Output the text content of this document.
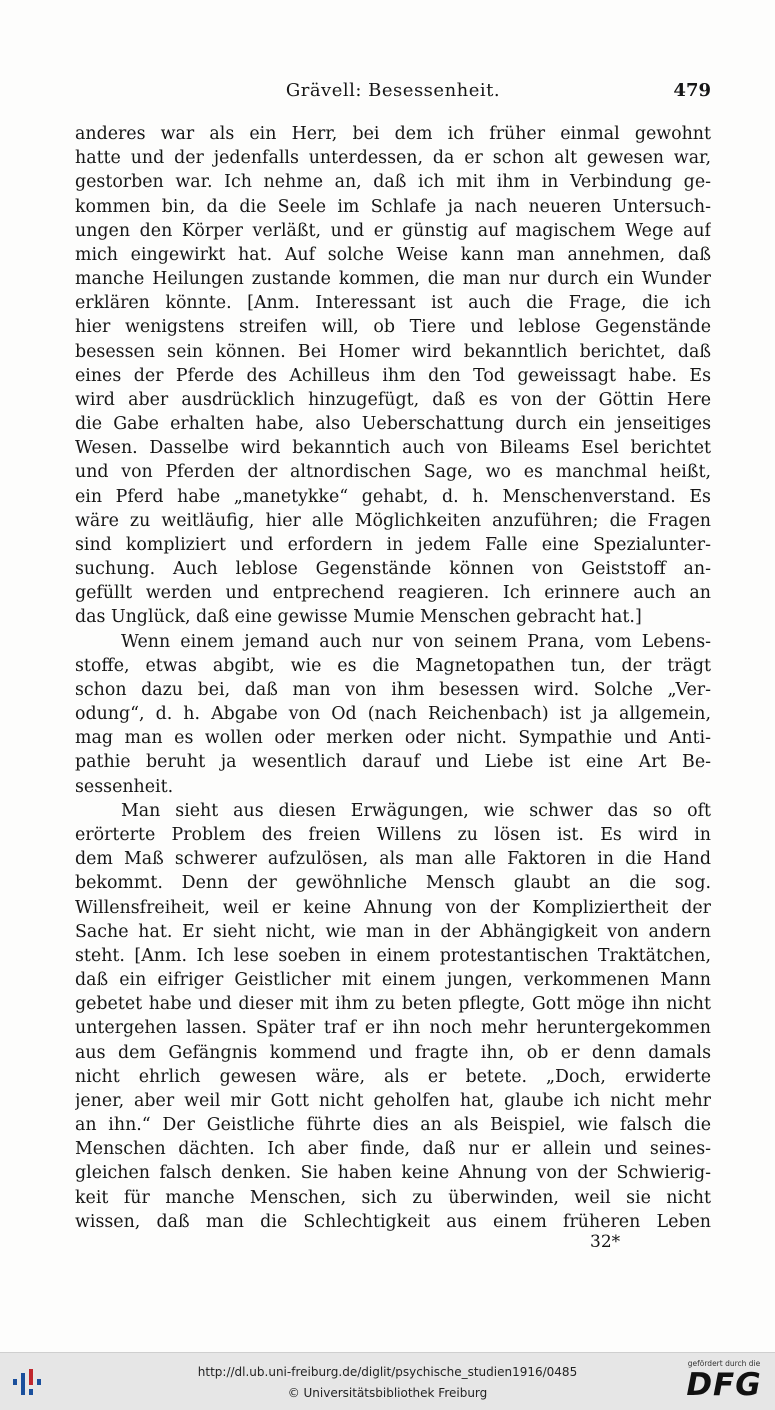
Grävell: Besessenheit.	479
anderes war als ein Herr, bei dem ich früher einmal gewohnt
hatte und der jedenfalls unterdessen, da er schon alt gewesen war,
gestorben war. Ich nehme an, daß ich mit ihm in Verbindung ge-
kommen bin, da die Seele im Schlafe ja nach neueren Untersuch-
ungen den Körper verläßt, und er günstig auf magischem Wege auf
mich eingewirkt hat. Auf solche Weise kann man annehmen, daß
manche Heilungen zustande kommen, die man nur durch ein Wunder
erklären könnte. [Anm. Interessant ist auch die Frage, die ich
hier wenigstens streifen will, ob Tiere und leblose Gegenstände
besessen sein können. Bei Homer wird bekanntlich berichtet, daß
eines der Pferde des Achilleus ihm den Tod geweissagt habe. Es
wird aber ausdrücklich hinzugefügt, daß es von der Göttin Here
die Gabe erhalten habe, also Ueberschattung durch ein jenseitiges
Wesen. Dasselbe wird bekanntich auch von Bileams Esel berichtet
und von Pferden der altnordischen Sage, wo es manchmal heißt,
ein Pferd habe „manetykke“ gehabt, d. h. Menschenverstand. Es
wäre zu weitläufig, hier alle Möglichkeiten anzuführen; die Fragen
sind kompliziert und erfordern in jedem Falle eine Spezialunter-
suchung. Auch leblose Gegenstände können von Geiststoff an-
gefüllt werden und entprechend reagieren. Ich erinnere auch an
das Unglück, daß eine gewisse Mumie Menschen gebracht hat.]
Wenn einem jemand auch nur von seinem Prana, vom Lebens-
stoffe, etwas abgibt, wie es die Magnetopathen tun, der trägt
schon dazu bei, daß man von ihm besessen wird. Solche „Ver-
odung“, d. h. Abgabe von Od (nach Reichenbach) ist ja allgemein,
mag man es wollen oder merken oder nicht. Sympathie und Anti-
pathie beruht ja wesentlich darauf und Liebe ist eine Art Be-
sessenheit.
Man sieht aus diesen Erwägungen, wie schwer das so oft
erörterte Problem des freien Willens zu lösen ist. Es wird in
dem Maß schwerer aufzulösen, als man alle Faktoren in die Hand
bekommt. Denn der gewöhnliche Mensch glaubt an die sog.
Willensfreiheit, weil er keine Ahnung von der Kompliziertheit der
Sache hat. Er sieht nicht, wie man in der Abhängigkeit von andern
steht. [Anm. Ich lese soeben in einem protestantischen Traktätchen,
daß ein eifriger Geistlicher mit einem jungen, verkommenen Mann
gebetet habe und dieser mit ihm zu beten pflegte, Gott möge ihn nicht
untergehen lassen. Später traf er ihn noch mehr heruntergekommen
aus dem Gefängnis kommend und fragte ihn, ob er denn damals
nicht ehrlich gewesen wäre, als er betete. „Doch, erwiderte
jener, aber weil mir Gott nicht geholfen hat, glaube ich nicht mehr
an ihn.“ Der Geistliche führte dies an als Beispiel, wie falsch die
Menschen dächten. Ich aber finde, daß nur er allein und seines-
gleichen falsch denken. Sie haben keine Ahnung von der Schwierig-
keit für manche Menschen, sich zu überwinden, weil sie nicht
wissen, daß man die Schlechtigkeit aus einem früheren Leben
32*
http://dl.ub.uni-freiburg.de/diglit/psychische_studien1916/0485
© Universitätsbibliothek Freiburg
gefördert durch die
DFG
